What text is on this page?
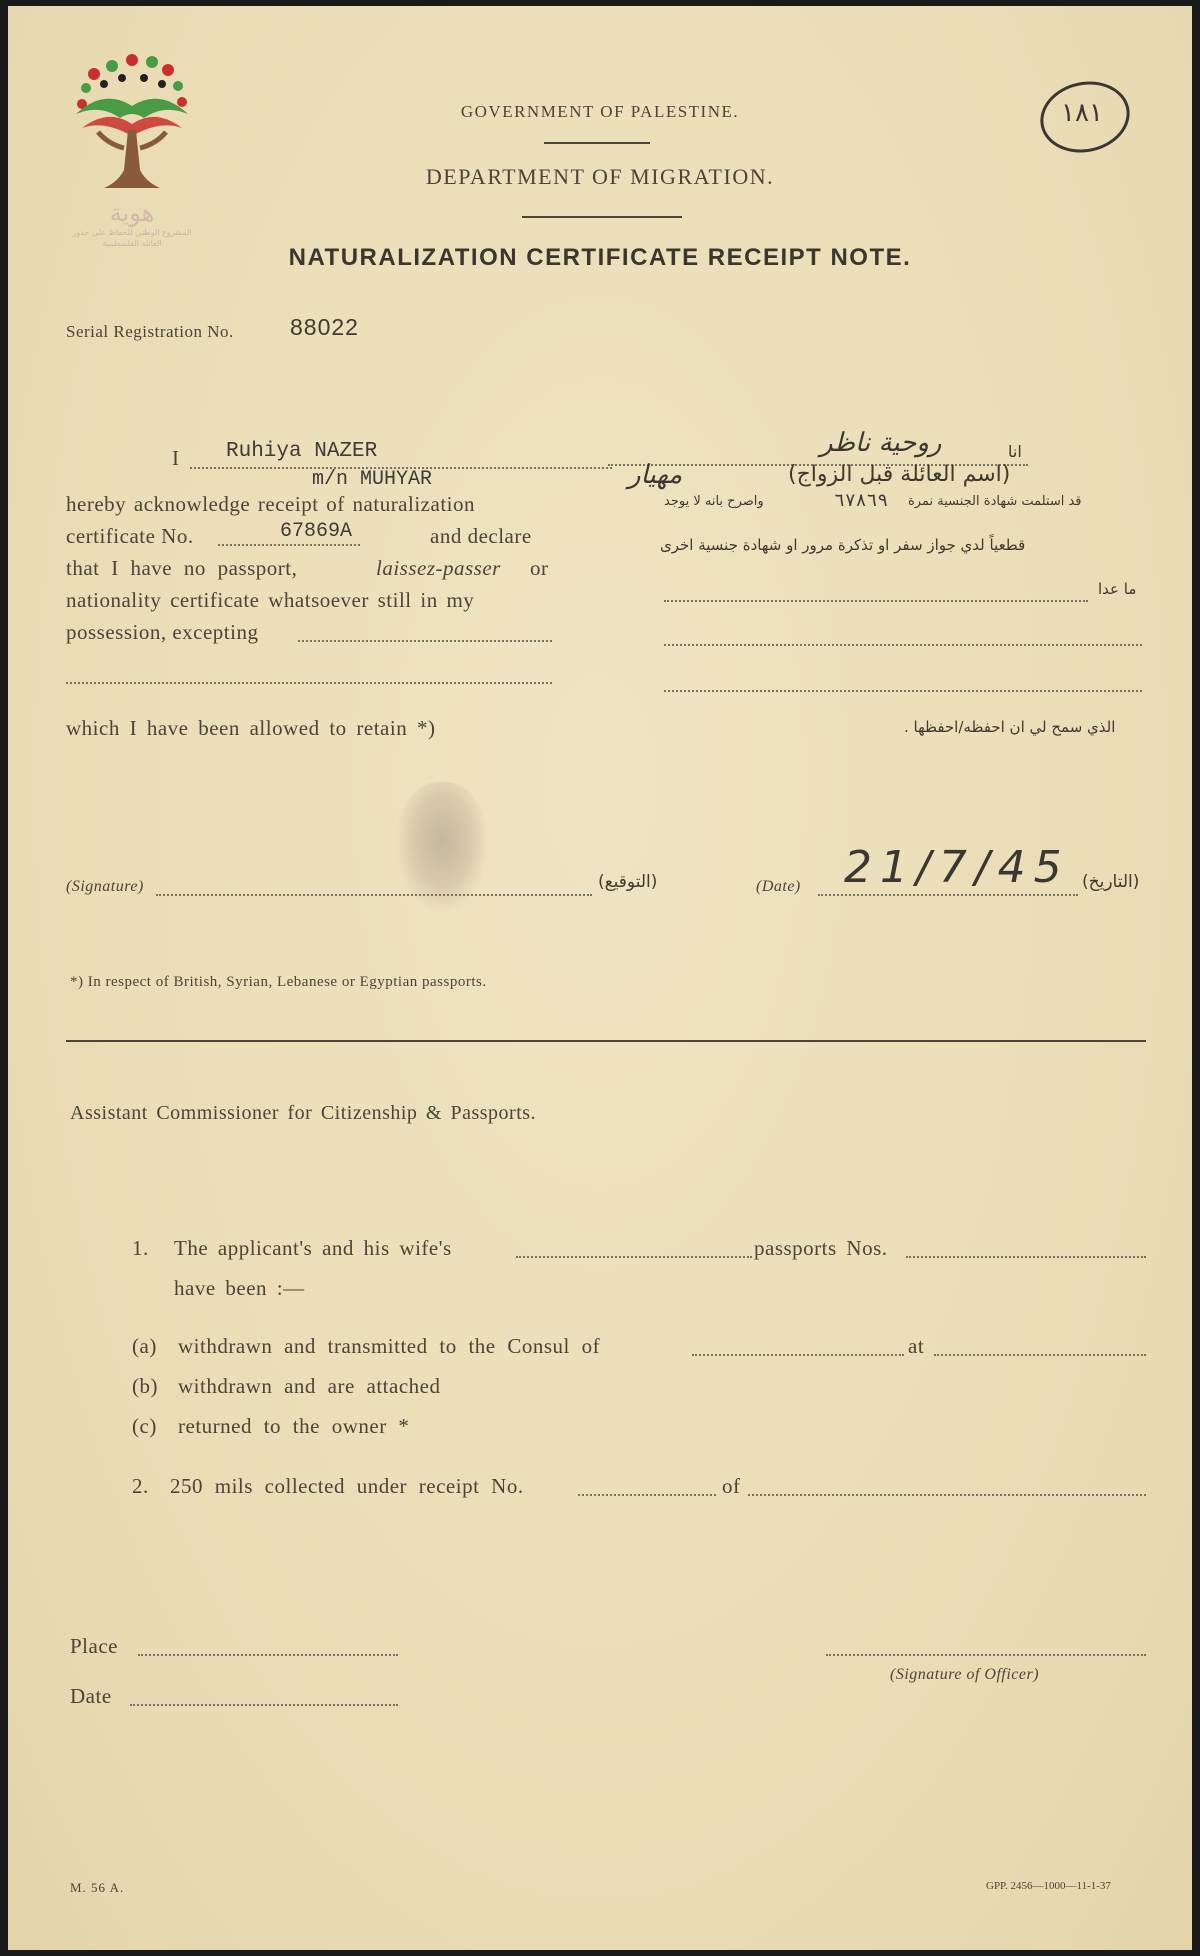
هوية
المشروع الوطني للحفاظ على جذور العائلة الفلسطينية
GOVERNMENT OF PALESTINE.
DEPARTMENT OF MIGRATION.
NATURALIZATION CERTIFICATE RECEIPT NOTE.
١٨١
Serial Registration No. 88022
I Ruhiya NAZER
m/n MUHYAR
hereby acknowledge receipt of naturalization
certificate No.	67869A	and declare
that I have no passport,	laissez-passer or
nationality certificate whatsoever still in my
possession, excepting
which I have been allowed to retain *)
انا
روحية ناظر
(اسم العائلة قبل الزواج)
مهيار
قد استلمت شهادة الجنسية نمرة
٦٧٨٦٩
واصرح بانه لا يوجد
قطعياً لدي جواز سفر او تذكرة مرور او شهادة جنسية اخرى
ما عدا
الذي سمح لي ان احفظه/احفظها .
(Signature)	(التوقيع)	(Date) 21/7/45 (التاريخ)
*) In respect of British, Syrian, Lebanese or Egyptian passports.
Assistant Commissioner for Citizenship & Passports.
1. The applicant's and his wife's	passports Nos.
have been :—
(a) withdrawn and transmitted to the Consul of	at
(b) withdrawn and are attached
(c) returned to the owner *
2. 250 mils collected under receipt No.	of
Place
(Signature of Officer)
Date
M. 56 A.	GPP. 2456—1000—11-1-37
